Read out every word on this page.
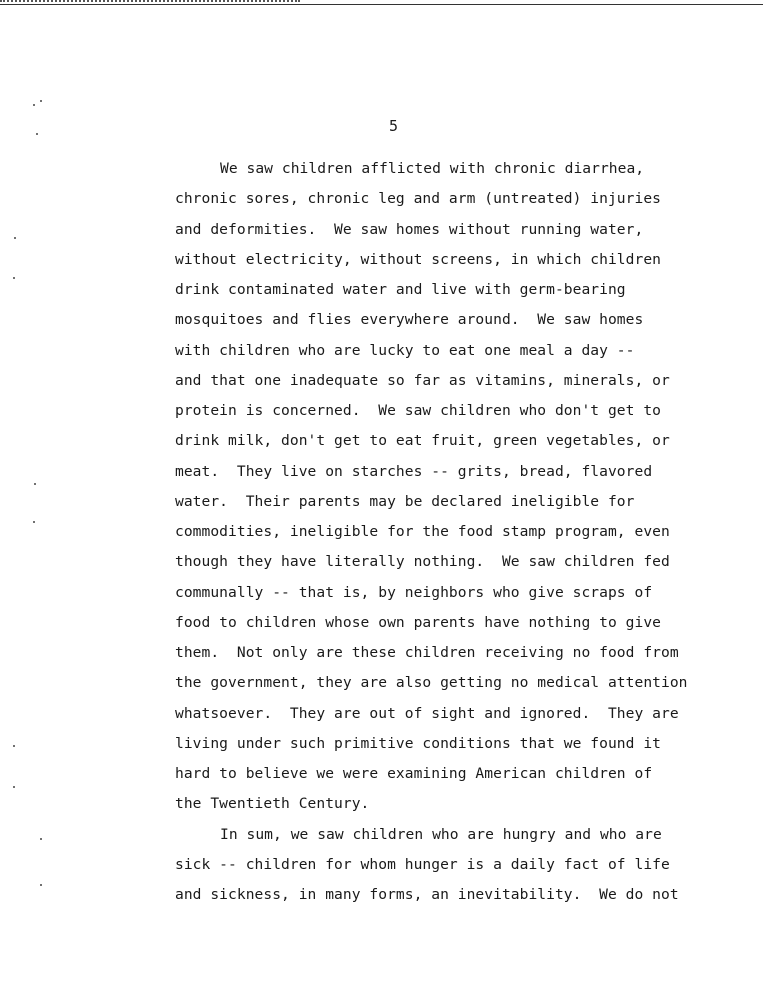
5
We saw children afflicted with chronic diarrhea,
chronic sores, chronic leg and arm (untreated) injuries
and deformities.  We saw homes without running water,
without electricity, without screens, in which children
drink contaminated water and live with germ-bearing
mosquitoes and flies everywhere around.  We saw homes
with children who are lucky to eat one meal a day --
and that one inadequate so far as vitamins, minerals, or
protein is concerned.  We saw children who don't get to
drink milk, don't get to eat fruit, green vegetables, or
meat.  They live on starches -- grits, bread, flavored
water.  Their parents may be declared ineligible for
commodities, ineligible for the food stamp program, even
though they have literally nothing.  We saw children fed
communally -- that is, by neighbors who give scraps of
food to children whose own parents have nothing to give
them.  Not only are these children receiving no food from
the government, they are also getting no medical attention
whatsoever.  They are out of sight and ignored.  They are
living under such primitive conditions that we found it
hard to believe we were examining American children of
the Twentieth Century.
In sum, we saw children who are hungry and who are
sick -- children for whom hunger is a daily fact of life
and sickness, in many forms, an inevitability.  We do not
